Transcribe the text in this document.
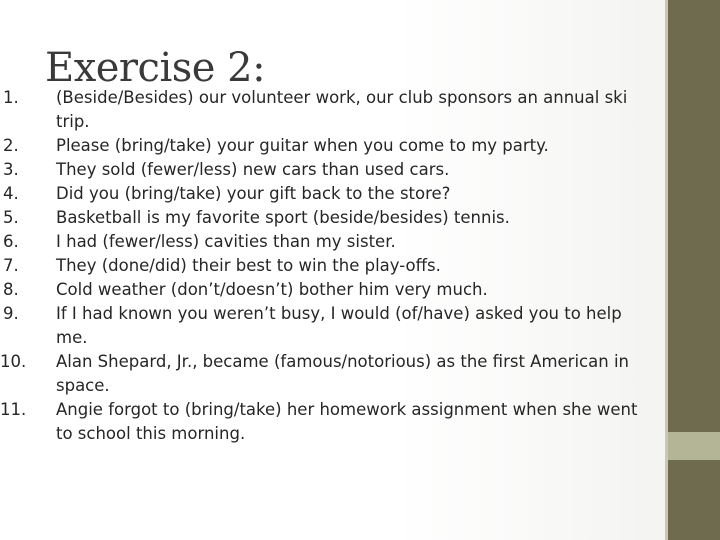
Exercise 2:
1.	(Beside/Besides) our volunteer work, our club sponsors an annual ski trip.
2.	Please (bring/take) your guitar when you come to my party.
3.	They sold (fewer/less) new cars than used cars.
4.	Did you (bring/take) your gift back to the store?
5.	Basketball is my favorite sport (beside/besides) tennis.
6.	I had (fewer/less) cavities than my sister.
7.	They (done/did) their best to win the play-offs.
8.	Cold weather (don’t/doesn’t) bother him very much.
9.	If I had known you weren’t busy, I would (of/have) asked you to help me.
10.	Alan Shepard, Jr., became (famous/notorious) as the first American in space.
11.	Angie forgot to (bring/take) her homework assignment when she went to school this morning.
